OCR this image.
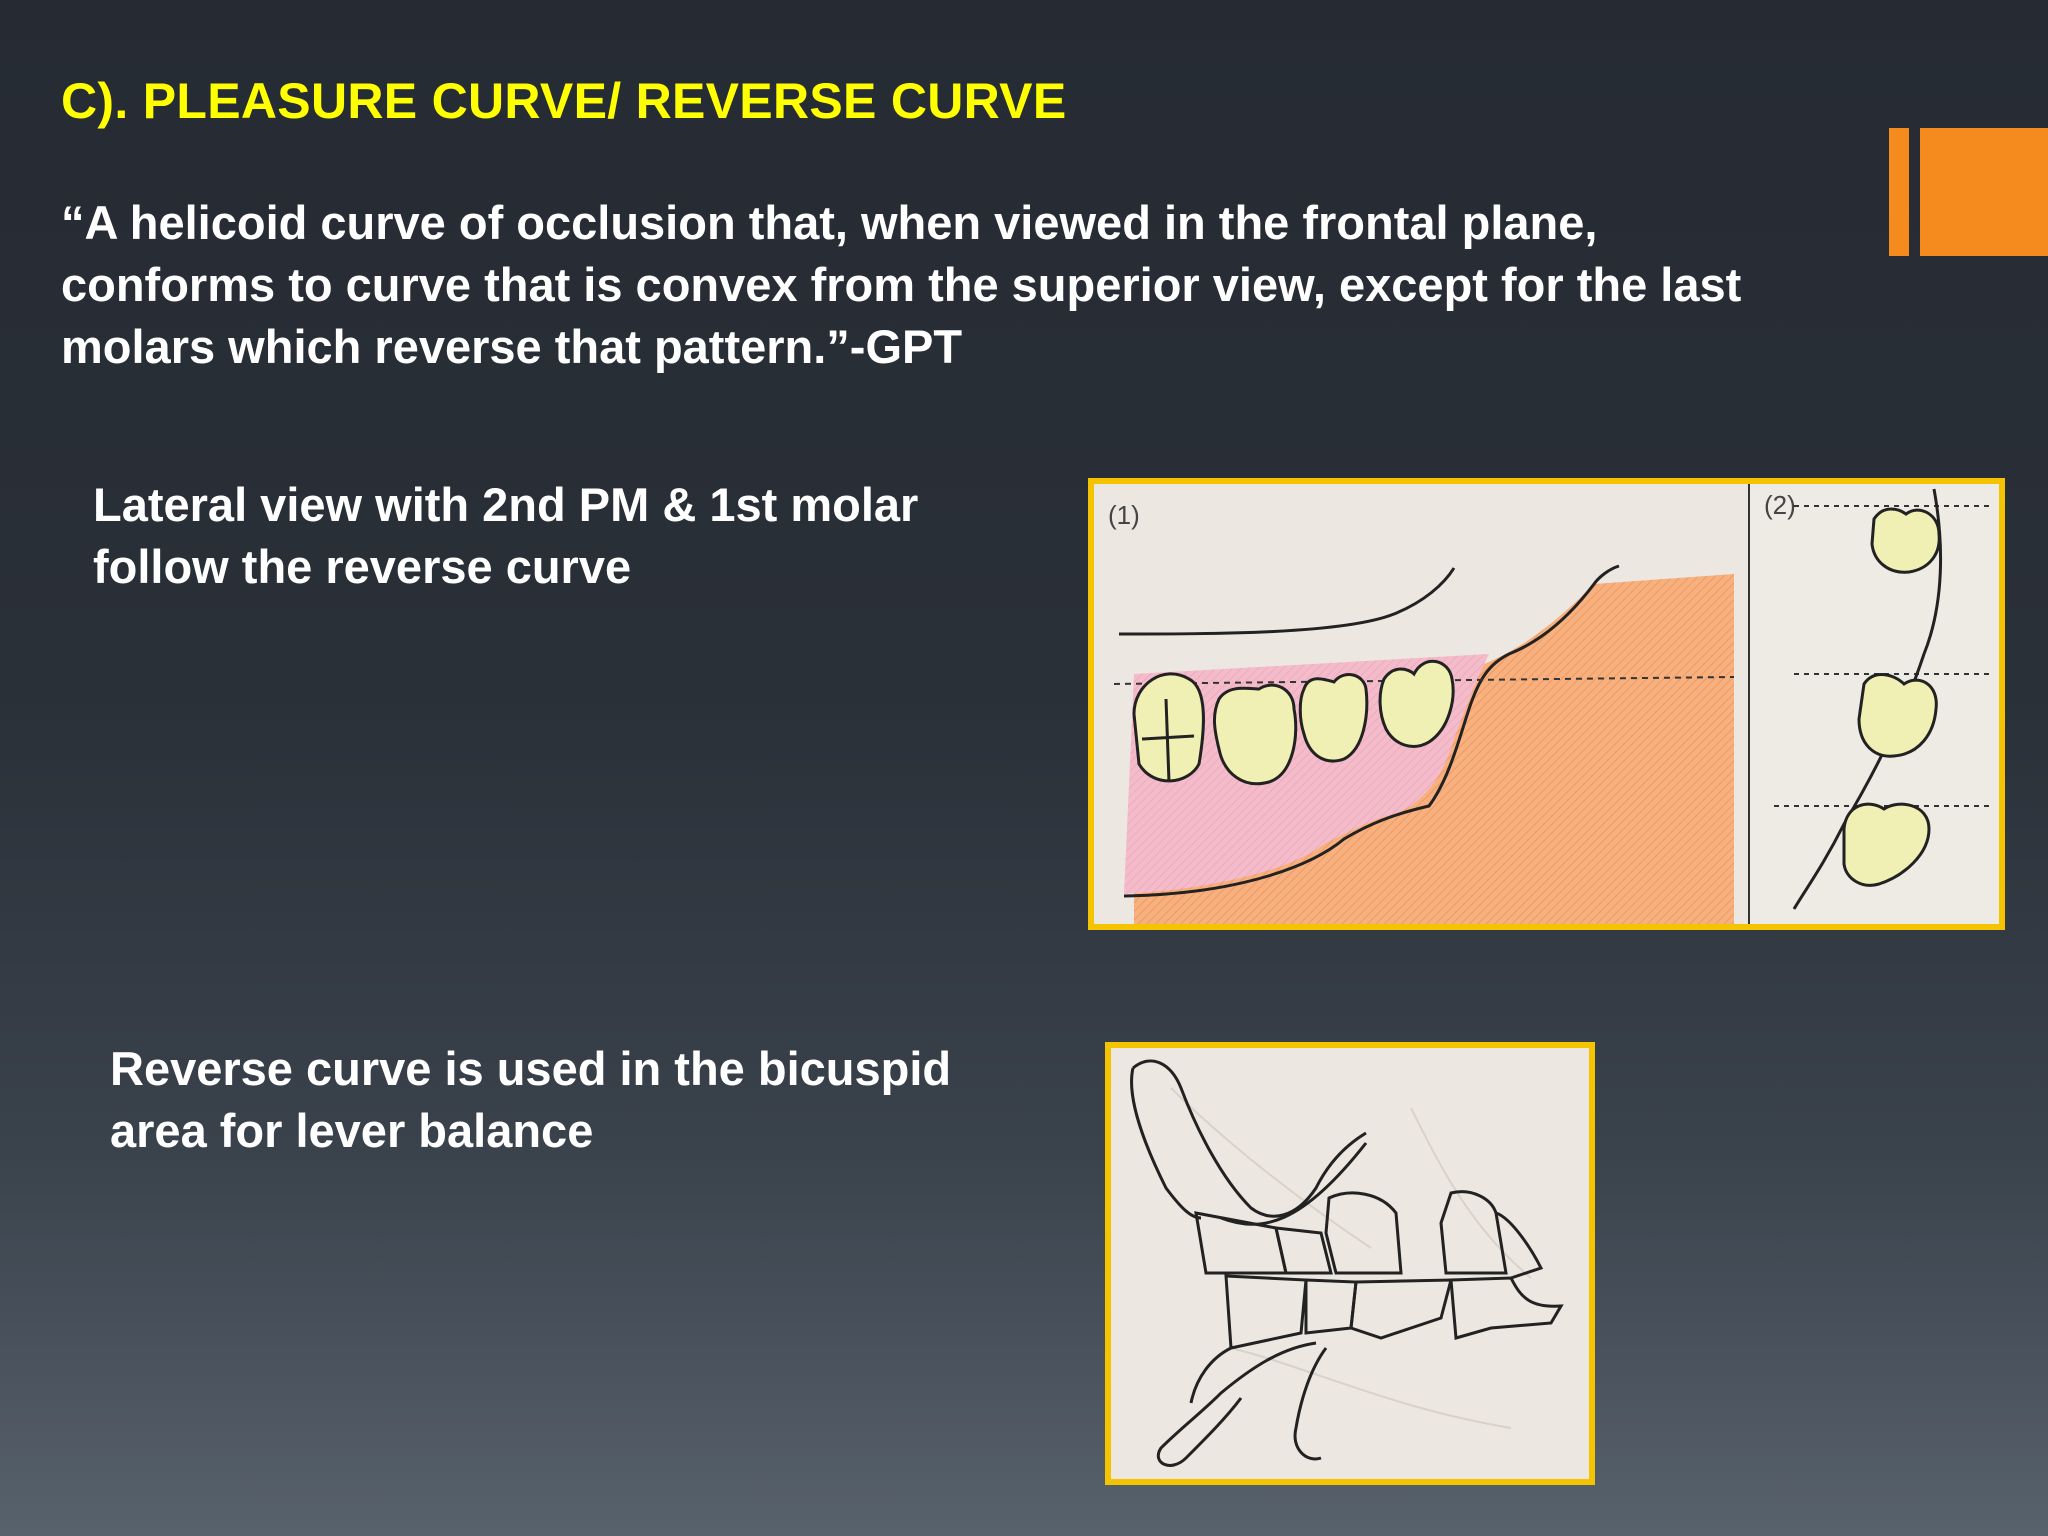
C). PLEASURE CURVE/ REVERSE CURVE
“A helicoid curve of occlusion that, when viewed in the frontal plane,
conforms to curve that is convex from the superior view, except for the last
molars which reverse that pattern.”-GPT
Lateral view with 2nd PM & 1st molar
follow the reverse curve
Reverse curve is used in the bicuspid
area for lever balance
(1)	(2)
